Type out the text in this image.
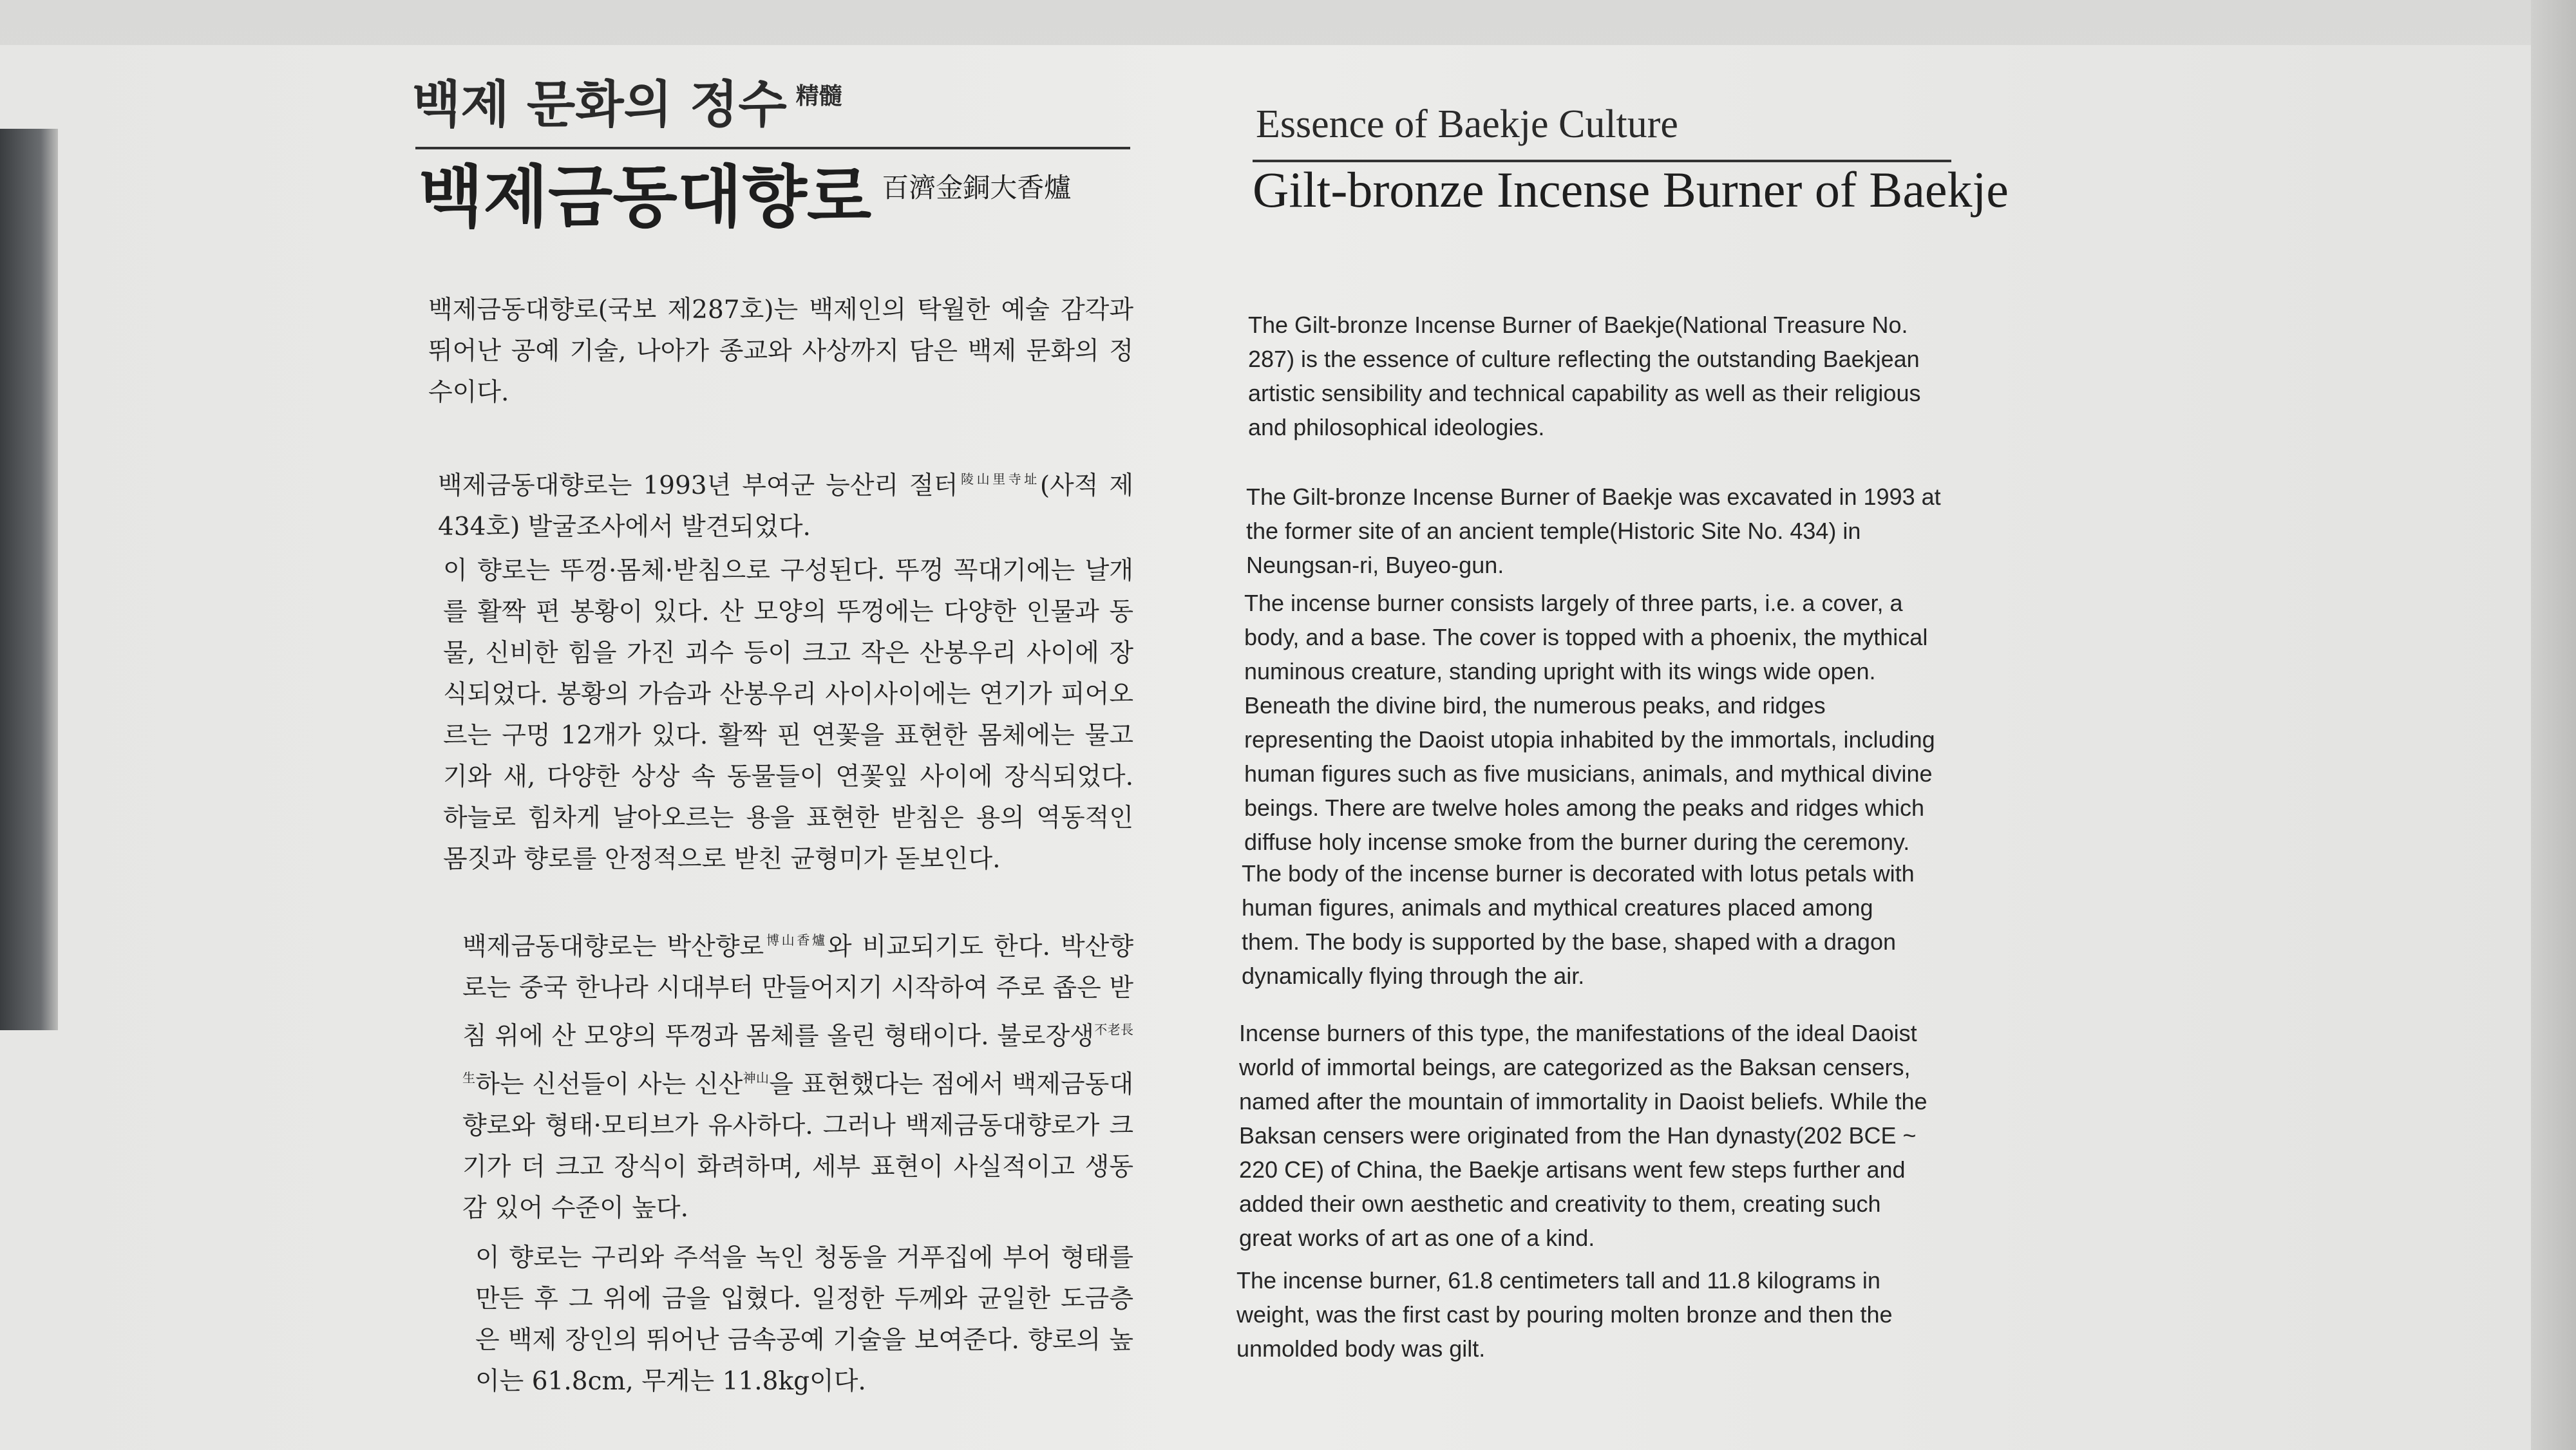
백제 문화의 정수 $^{精髓}$
백제금동대향로 $^{百濟金銅大香爐}$
Essence of Baekje Culture
Gilt-bronze Incense Burner of Baekje
백제금동대향로(국보 제287호)는 백제인의 탁월한 예술 감각과 뛰어난 공예 기술, 나아가 종교와 사상까지 담은 백제 문화의 정수이다.
백제금동대향로는 1993년 부여군 능산리 절터$^{陵山里寺址}$(사적 제434호) 발굴조사에서 발견되었다.
이 향로는 뚜껑·몸체·받침으로 구성된다. 뚜껑 꼭대기에는 날개를 활짝 편 봉황이 있다. 산 모양의 뚜껑에는 다양한 인물과 동물, 신비한 힘을 가진 괴수 등이 크고 작은 산봉우리 사이에 장식되었다. 봉황의 가슴과 산봉우리 사이사이에는 연기가 피어오르는 구멍 12개가 있다. 활짝 핀 연꽃을 표현한 몸체에는 물고기와 새, 다양한 상상 속 동물들이 연꽃잎 사이에 장식되었다. 하늘로 힘차게 날아오르는 용을 표현한 받침은 용의 역동적인 몸짓과 향로를 안정적으로 받친 균형미가 돋보인다.
백제금동대향로는 박산향로$^{博山香爐}$와 비교되기도 한다. 박산향로는 중국 한나라 시대부터 만들어지기 시작하여 주로 좁은 받침 위에 산 모양의 뚜껑과 몸체를 올린 형태이다. 불로장생$^{不老長生}$하는 신선들이 사는 신산$^{神山}$을 표현했다는 점에서 백제금동대향로와 형태·모티브가 유사하다. 그러나 백제금동대향로가 크기가 더 크고 장식이 화려하며, 세부 표현이 사실적이고 생동감 있어 수준이 높다.
이 향로는 구리와 주석을 녹인 청동을 거푸집에 부어 형태를 만든 후 그 위에 금을 입혔다. 일정한 두께와 균일한 도금층은 백제 장인의 뛰어난 금속공예 기술을 보여준다. 향로의 높이는 61.8cm, 무게는 11.8kg이다.
The Gilt-bronze Incense Burner of Baekje(National Treasure No. 287) is the essence of culture reflecting the outstanding Baekjean artistic sensibility and technical capability as well as their religious and philosophical ideologies.
The Gilt-bronze Incense Burner of Baekje was excavated in 1993 at the former site of an ancient temple(Historic Site No. 434) in Neungsan-ri, Buyeo-gun.
The incense burner consists largely of three parts, i.e. a cover, a body, and a base. The cover is topped with a phoenix, the mythical numinous creature, standing upright with its wings wide open. Beneath the divine bird, the numerous peaks, and ridges representing the Daoist utopia inhabited by the immortals, including human figures such as five musicians, animals, and mythical divine beings. There are twelve holes among the peaks and ridges which diffuse holy incense smoke from the burner during the ceremony.
The body of the incense burner is decorated with lotus petals with human figures, animals and mythical creatures placed among them. The body is supported by the base, shaped with a dragon dynamically flying through the air.
Incense burners of this type, the manifestations of the ideal Daoist world of immortal beings, are categorized as the Baksan censers, named after the mountain of immortality in Daoist beliefs. While the Baksan censers were originated from the Han dynasty(202 BCE ~ 220 CE) of China, the Baekje artisans went few steps further and added their own aesthetic and creativity to them, creating such great works of art as one of a kind.
The incense burner, 61.8 centimeters tall and 11.8 kilograms in weight, was the first cast by pouring molten bronze and then the unmolded body was gilt.
